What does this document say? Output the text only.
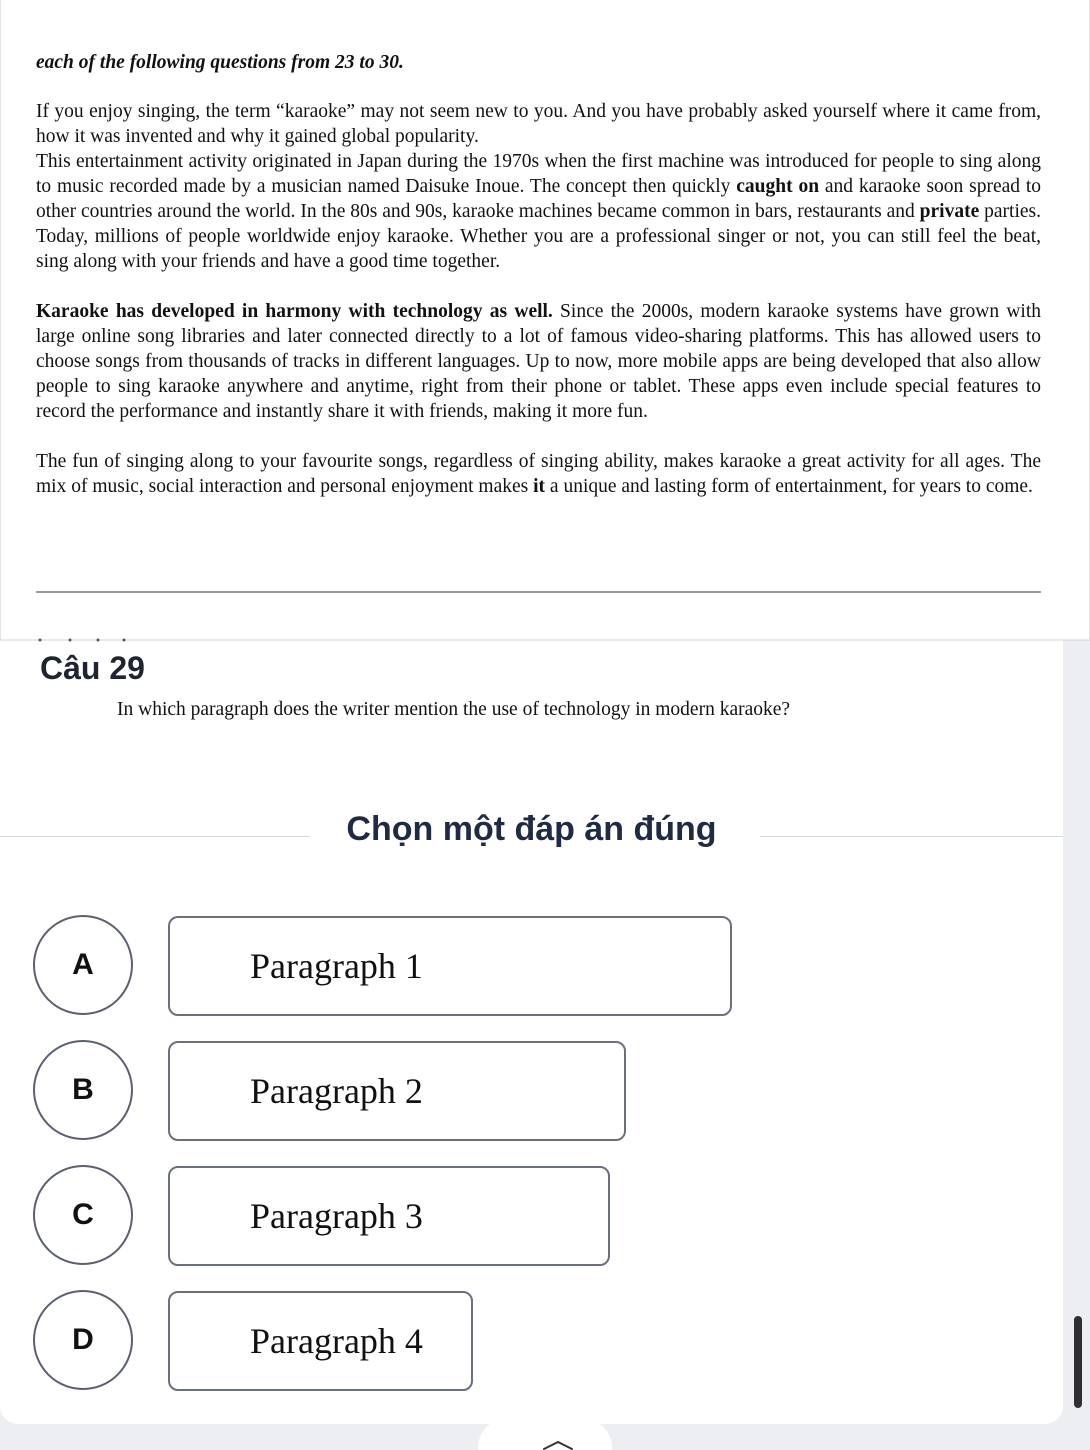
each of the following questions from 23 to 30.

If you enjoy singing, the term “karaoke” may not seem new to you. And you have probably asked yourself where it came from, how it was invented and why it gained global popularity.

This entertainment activity originated in Japan during the 1970s when the first machine was introduced for people to sing along to music recorded made by a musician named Daisuke Inoue. The concept then quickly caught on and karaoke soon spread to other countries around the world. In the 80s and 90s, karaoke machines became common in bars, restaurants and private parties. Today, millions of people worldwide enjoy karaoke. Whether you are a professional singer or not, you can still feel the beat, sing along with your friends and have a good time together.

Karaoke has developed in harmony with technology as well. Since the 2000s, modern karaoke systems have grown with large online song libraries and later connected directly to a lot of famous video-sharing platforms. This has allowed users to choose songs from thousands of tracks in different languages. Up to now, more mobile apps are being developed that also allow people to sing karaoke anywhere and anytime, right from their phone or tablet. These apps even include special features to record the performance and instantly share it with friends, making it more fun.

The fun of singing along to your favourite songs, regardless of singing ability, makes karaoke a great activity for all ages. The mix of music, social interaction and personal enjoyment makes it a unique and lasting form of entertainment, for years to come.

Câu 29
In which paragraph does the writer mention the use of technology in modern karaoke?
Chọn một đáp án đúng
A	Paragraph 1
B	Paragraph 2
C	Paragraph 3
D	Paragraph 4
